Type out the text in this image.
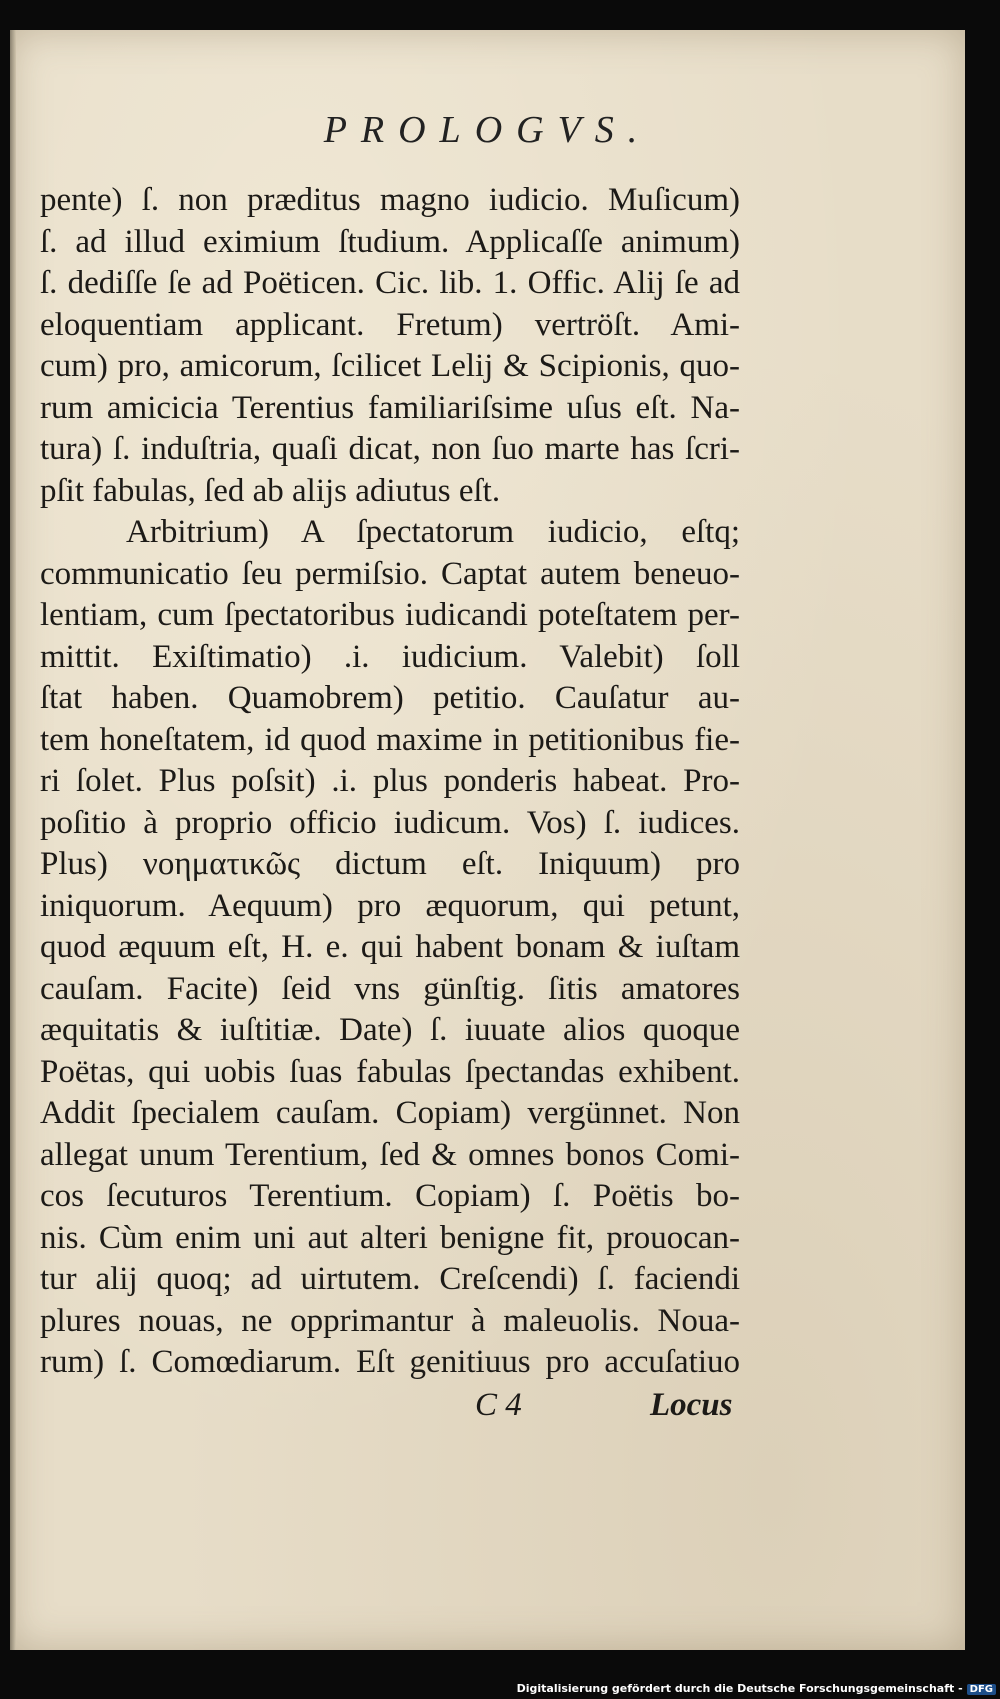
PROLOGVS.
pente) ſ. non præditus magno iudicio. Muſicum)
ſ. ad illud eximium ſtudium. Applicaſſe animum)
ſ. dediſſe ſe ad Poëticen. Cic. lib. 1. Offic. Alij ſe ad
eloquentiam applicant. Fretum) vertröſt. Ami-
cum) pro, amicorum, ſcilicet Lelij & Scipionis, quo-
rum amicicia Terentius familiariſsime uſus eſt. Na-
tura) ſ. induſtria, quaſi dicat, non ſuo marte has ſcri-
pſit fabulas, ſed ab alijs adiutus eſt.
Arbitrium) A ſpectatorum iudicio, eſtq;
communicatio ſeu permiſsio. Captat autem beneuo-
lentiam, cum ſpectatoribus iudicandi poteſtatem per-
mittit. Exiſtimatio) .i. iudicium. Valebit) ſoll
ſtat haben. Quamobrem) petitio. Cauſatur au-
tem honeſtatem, id quod maxime in petitionibus fie-
ri ſolet. Plus poſsit) .i. plus ponderis habeat. Pro-
poſitio à proprio officio iudicum. Vos) ſ. iudices.
Plus) νοηματικῶς dictum eſt. Iniquum) pro
iniquorum. Aequum) pro æquorum, qui petunt,
quod æquum eſt, H. e. qui habent bonam & iuſtam
cauſam. Facite) ſeid vns günſtig. ſitis amatores
æquitatis & iuſtitiæ. Date) ſ. iuuate alios quoque
Poëtas, qui uobis ſuas fabulas ſpectandas exhibent.
Addit ſpecialem cauſam. Copiam) vergünnet. Non
allegat unum Terentium, ſed & omnes bonos Comi-
cos ſecuturos Terentium. Copiam) ſ. Poëtis bo-
nis. Cùm enim uni aut alteri benigne fit, prouocan-
tur alij quoq; ad uirtutem. Creſcendi) ſ. faciendi
plures nouas, ne opprimantur à maleuolis. Noua-
rum) ſ. Comœdiarum. Eſt genitiuus pro accuſatiuo
C 4	Locus
Digitalisierung gefördert durch die Deutsche Forschungsgemeinschaft - DFG
